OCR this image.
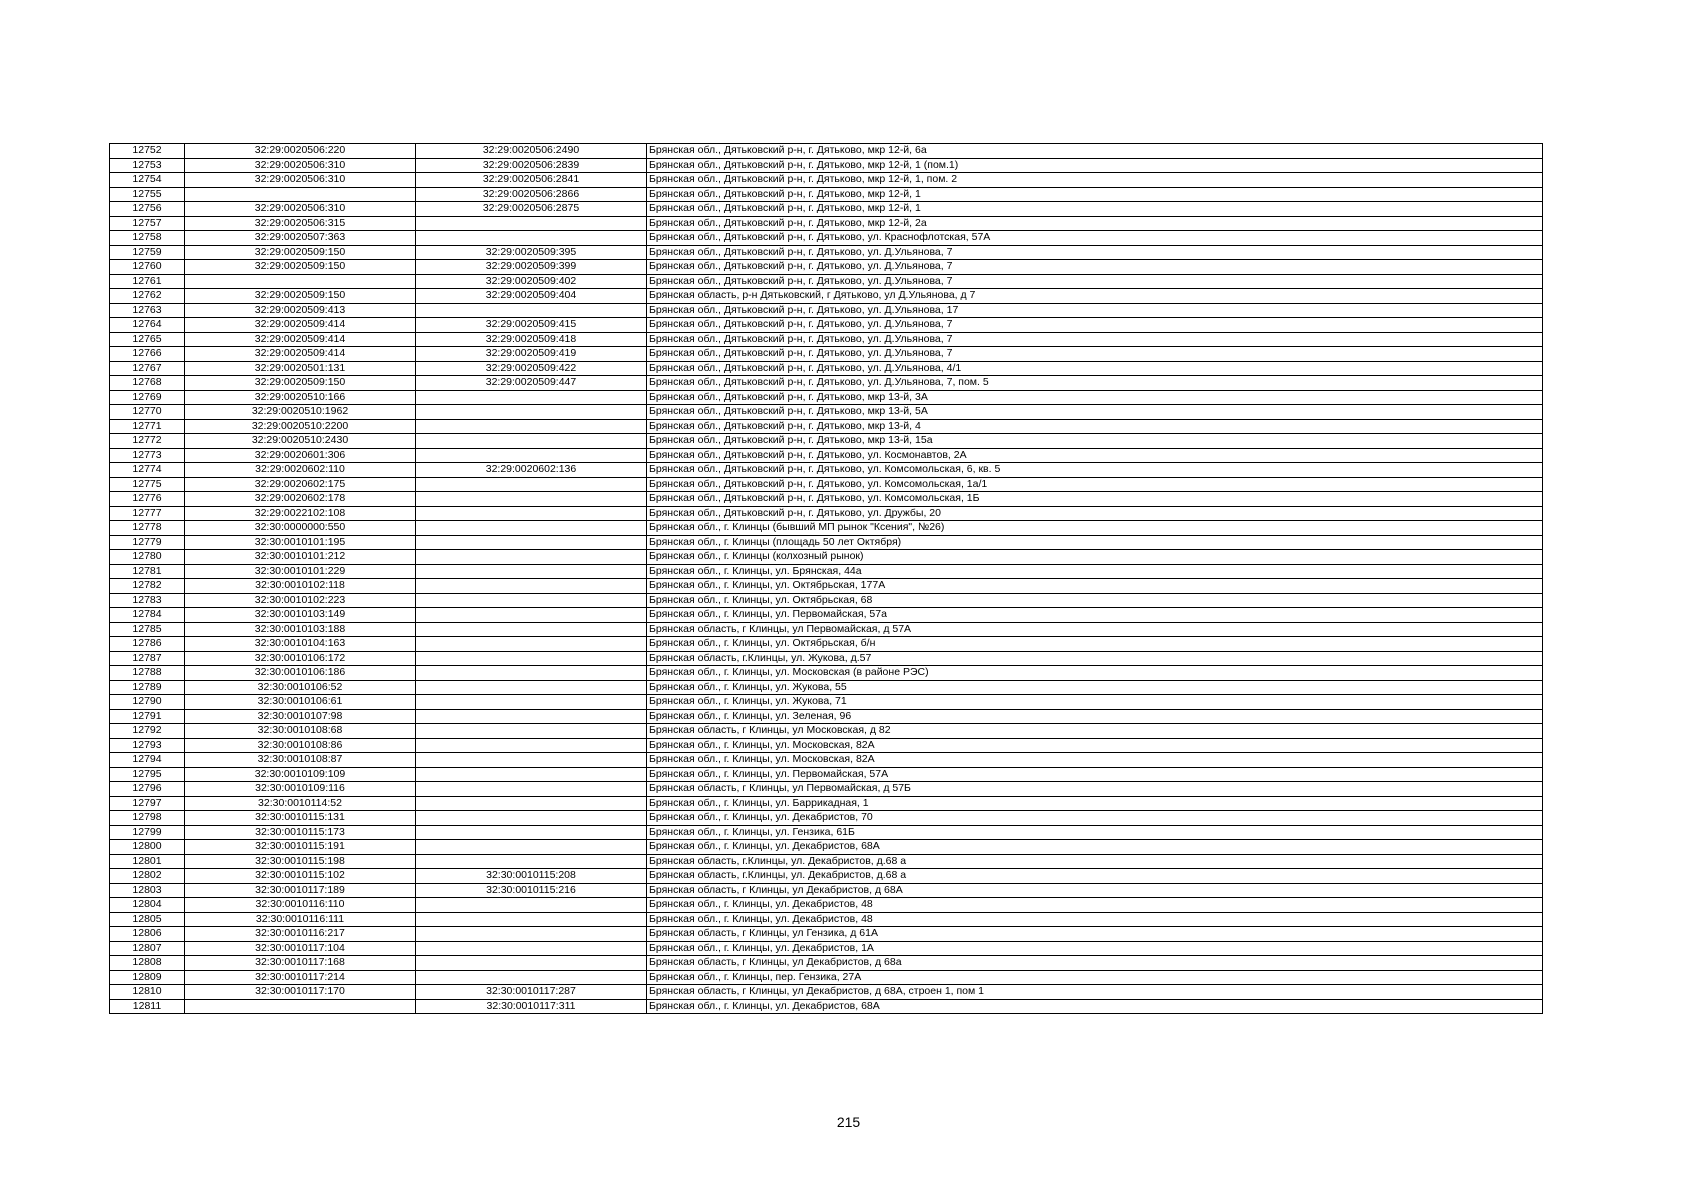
12752	32:29:0020506:220	32:29:0020506:2490	Брянская обл., Дятьковский р-н, г. Дятьково, мкр 12-й, 6а
12753	32:29:0020506:310	32:29:0020506:2839	Брянская обл., Дятьковский р-н, г. Дятьково, мкр 12-й, 1 (пом.1)
12754	32:29:0020506:310	32:29:0020506:2841	Брянская обл., Дятьковский р-н, г. Дятьково, мкр 12-й, 1, пом. 2
12755		32:29:0020506:2866	Брянская обл., Дятьковский р-н, г. Дятьково, мкр 12-й, 1
12756	32:29:0020506:310	32:29:0020506:2875	Брянская обл., Дятьковский р-н, г. Дятьково, мкр 12-й, 1
12757	32:29:0020506:315		Брянская обл., Дятьковский р-н, г. Дятьково, мкр 12-й, 2а
12758	32:29:0020507:363		Брянская обл., Дятьковский р-н, г. Дятьково, ул. Краснофлотская, 57А
12759	32:29:0020509:150	32:29:0020509:395	Брянская обл., Дятьковский р-н, г. Дятьково, ул. Д.Ульянова, 7
12760	32:29:0020509:150	32:29:0020509:399	Брянская обл., Дятьковский р-н, г. Дятьково, ул. Д.Ульянова, 7
12761		32:29:0020509:402	Брянская обл., Дятьковский р-н, г. Дятьково, ул. Д.Ульянова, 7
12762	32:29:0020509:150	32:29:0020509:404	Брянская область, р-н Дятьковский, г Дятьково, ул Д.Ульянова, д 7
12763	32:29:0020509:413		Брянская обл., Дятьковский р-н, г. Дятьково, ул. Д.Ульянова, 17
12764	32:29:0020509:414	32:29:0020509:415	Брянская обл., Дятьковский р-н, г. Дятьково, ул. Д.Ульянова, 7
12765	32:29:0020509:414	32:29:0020509:418	Брянская обл., Дятьковский р-н, г. Дятьково, ул. Д.Ульянова, 7
12766	32:29:0020509:414	32:29:0020509:419	Брянская обл., Дятьковский р-н, г. Дятьково, ул. Д.Ульянова, 7
12767	32:29:0020501:131	32:29:0020509:422	Брянская обл., Дятьковский р-н, г. Дятьково, ул. Д.Ульянова, 4/1
12768	32:29:0020509:150	32:29:0020509:447	Брянская обл., Дятьковский р-н, г. Дятьково, ул. Д.Ульянова, 7, пом. 5
12769	32:29:0020510:166		Брянская обл., Дятьковский р-н, г. Дятьково, мкр 13-й, 3А
12770	32:29:0020510:1962		Брянская обл., Дятьковский р-н, г. Дятьково, мкр 13-й, 5А
12771	32:29:0020510:2200		Брянская обл., Дятьковский р-н, г. Дятьково, мкр 13-й, 4
12772	32:29:0020510:2430		Брянская обл., Дятьковский р-н, г. Дятьково, мкр 13-й, 15а
12773	32:29:0020601:306		Брянская обл., Дятьковский р-н, г. Дятьково, ул. Космонавтов, 2А
12774	32:29:0020602:110	32:29:0020602:136	Брянская обл., Дятьковский р-н, г. Дятьково, ул. Комсомольская, 6, кв. 5
12775	32:29:0020602:175		Брянская обл., Дятьковский р-н, г. Дятьково, ул. Комсомольская, 1а/1
12776	32:29:0020602:178		Брянская обл., Дятьковский р-н, г. Дятьково, ул. Комсомольская, 1Б
12777	32:29:0022102:108		Брянская обл., Дятьковский р-н, г. Дятьково, ул. Дружбы, 20
12778	32:30:0000000:550		Брянская обл., г. Клинцы (бывший МП рынок "Ксения", №26)
12779	32:30:0010101:195		Брянская обл., г. Клинцы (площадь 50 лет Октября)
12780	32:30:0010101:212		Брянская обл., г. Клинцы (колхозный рынок)
12781	32:30:0010101:229		Брянская обл., г. Клинцы, ул. Брянская, 44а
12782	32:30:0010102:118		Брянская обл., г. Клинцы, ул. Октябрьская, 177А
12783	32:30:0010102:223		Брянская обл., г. Клинцы, ул. Октябрьская, 68
12784	32:30:0010103:149		Брянская обл., г. Клинцы, ул. Первомайская, 57а
12785	32:30:0010103:188		Брянская область, г Клинцы, ул Первомайская, д 57А
12786	32:30:0010104:163		Брянская обл., г. Клинцы, ул. Октябрьская, б/н
12787	32:30:0010106:172		Брянская область, г.Клинцы, ул. Жукова, д.57
12788	32:30:0010106:186		Брянская обл., г. Клинцы, ул. Московская (в районе РЭС)
12789	32:30:0010106:52		Брянская обл., г. Клинцы, ул. Жукова, 55
12790	32:30:0010106:61		Брянская обл., г. Клинцы, ул. Жукова, 71
12791	32:30:0010107:98		Брянская обл., г. Клинцы, ул. Зеленая, 96
12792	32:30:0010108:68		Брянская область, г Клинцы, ул Московская, д 82
12793	32:30:0010108:86		Брянская обл., г. Клинцы, ул. Московская, 82А
12794	32:30:0010108:87		Брянская обл., г. Клинцы, ул. Московская, 82А
12795	32:30:0010109:109		Брянская обл., г. Клинцы, ул. Первомайская, 57А
12796	32:30:0010109:116		Брянская область, г Клинцы, ул Первомайская, д 57Б
12797	32:30:0010114:52		Брянская обл., г. Клинцы, ул. Баррикадная, 1
12798	32:30:0010115:131		Брянская обл., г. Клинцы, ул. Декабристов, 70
12799	32:30:0010115:173		Брянская обл., г. Клинцы, ул. Гензика, 61Б
12800	32:30:0010115:191		Брянская обл., г. Клинцы, ул. Декабристов, 68А
12801	32:30:0010115:198		Брянская область, г.Клинцы, ул. Декабристов, д.68 а
12802	32:30:0010115:102	32:30:0010115:208	Брянская область, г.Клинцы, ул. Декабристов, д.68 а
12803	32:30:0010117:189	32:30:0010115:216	Брянская область, г Клинцы, ул Декабристов, д 68А
12804	32:30:0010116:110		Брянская обл., г. Клинцы, ул. Декабристов, 48
12805	32:30:0010116:111		Брянская обл., г. Клинцы, ул. Декабристов, 48
12806	32:30:0010116:217		Брянская область, г Клинцы, ул Гензика, д 61А
12807	32:30:0010117:104		Брянская обл., г. Клинцы, ул. Декабристов, 1А
12808	32:30:0010117:168		Брянская область, г Клинцы, ул Декабристов, д 68а
12809	32:30:0010117:214		Брянская обл., г. Клинцы, пер. Гензика, 27А
12810	32:30:0010117:170	32:30:0010117:287	Брянская область, г Клинцы, ул Декабристов, д 68А, строен 1, пом 1
12811		32:30:0010117:311	Брянская обл., г. Клинцы, ул. Декабристов, 68А
215
